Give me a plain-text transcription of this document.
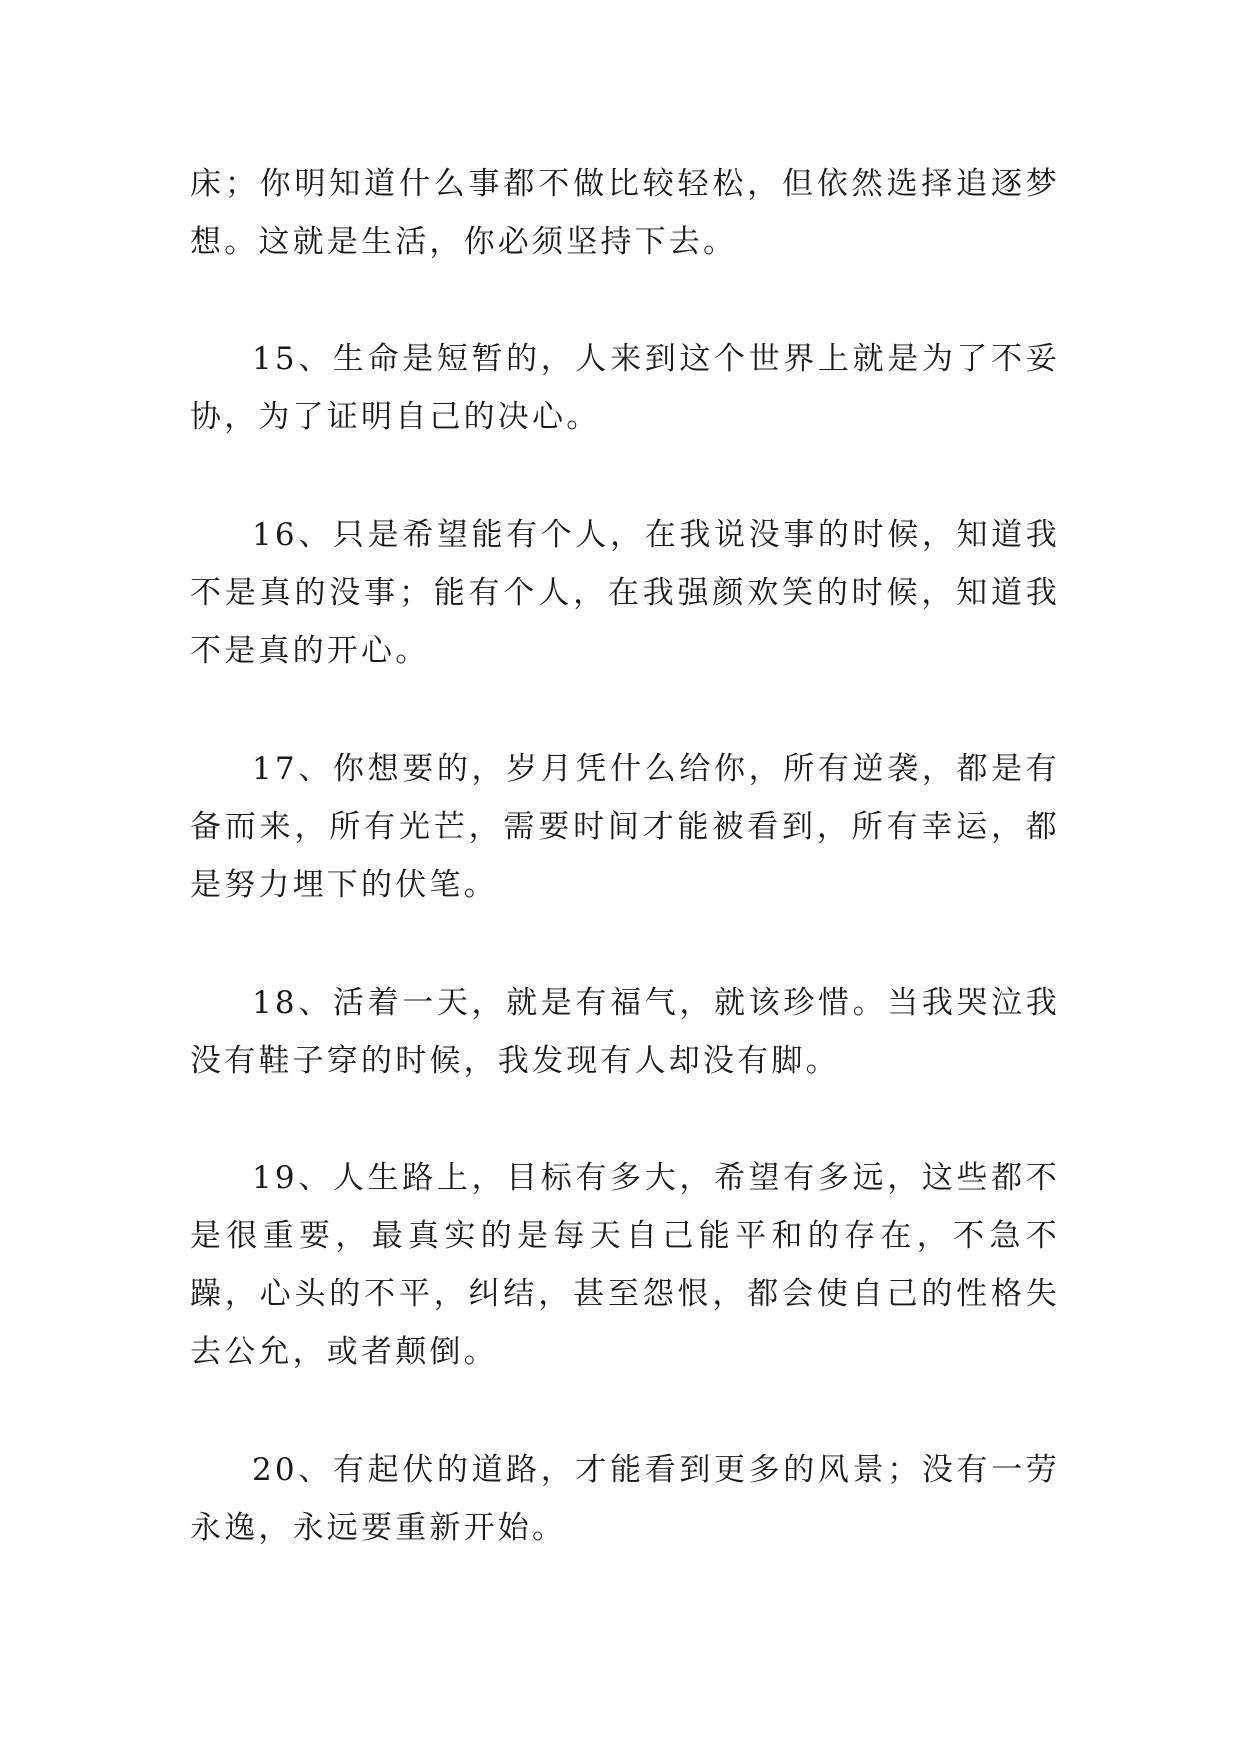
床；你明知道什么事都不做比较轻松，但依然选择追逐梦想。这就是生活，你必须坚持下去。

15、生命是短暂的，人来到这个世界上就是为了不妥协，为了证明自己的决心。

16、只是希望能有个人，在我说没事的时候，知道我不是真的没事；能有个人，在我强颜欢笑的时候，知道我不是真的开心。

17、你想要的，岁月凭什么给你，所有逆袭，都是有备而来，所有光芒，需要时间才能被看到，所有幸运，都是努力埋下的伏笔。

18、活着一天，就是有福气，就该珍惜。当我哭泣我没有鞋子穿的时候，我发现有人却没有脚。

19、人生路上，目标有多大，希望有多远，这些都不是很重要，最真实的是每天自己能平和的存在，不急不躁，心头的不平，纠结，甚至怨恨，都会使自己的性格失去公允，或者颠倒。

20、有起伏的道路，才能看到更多的风景；没有一劳永逸，永远要重新开始。
